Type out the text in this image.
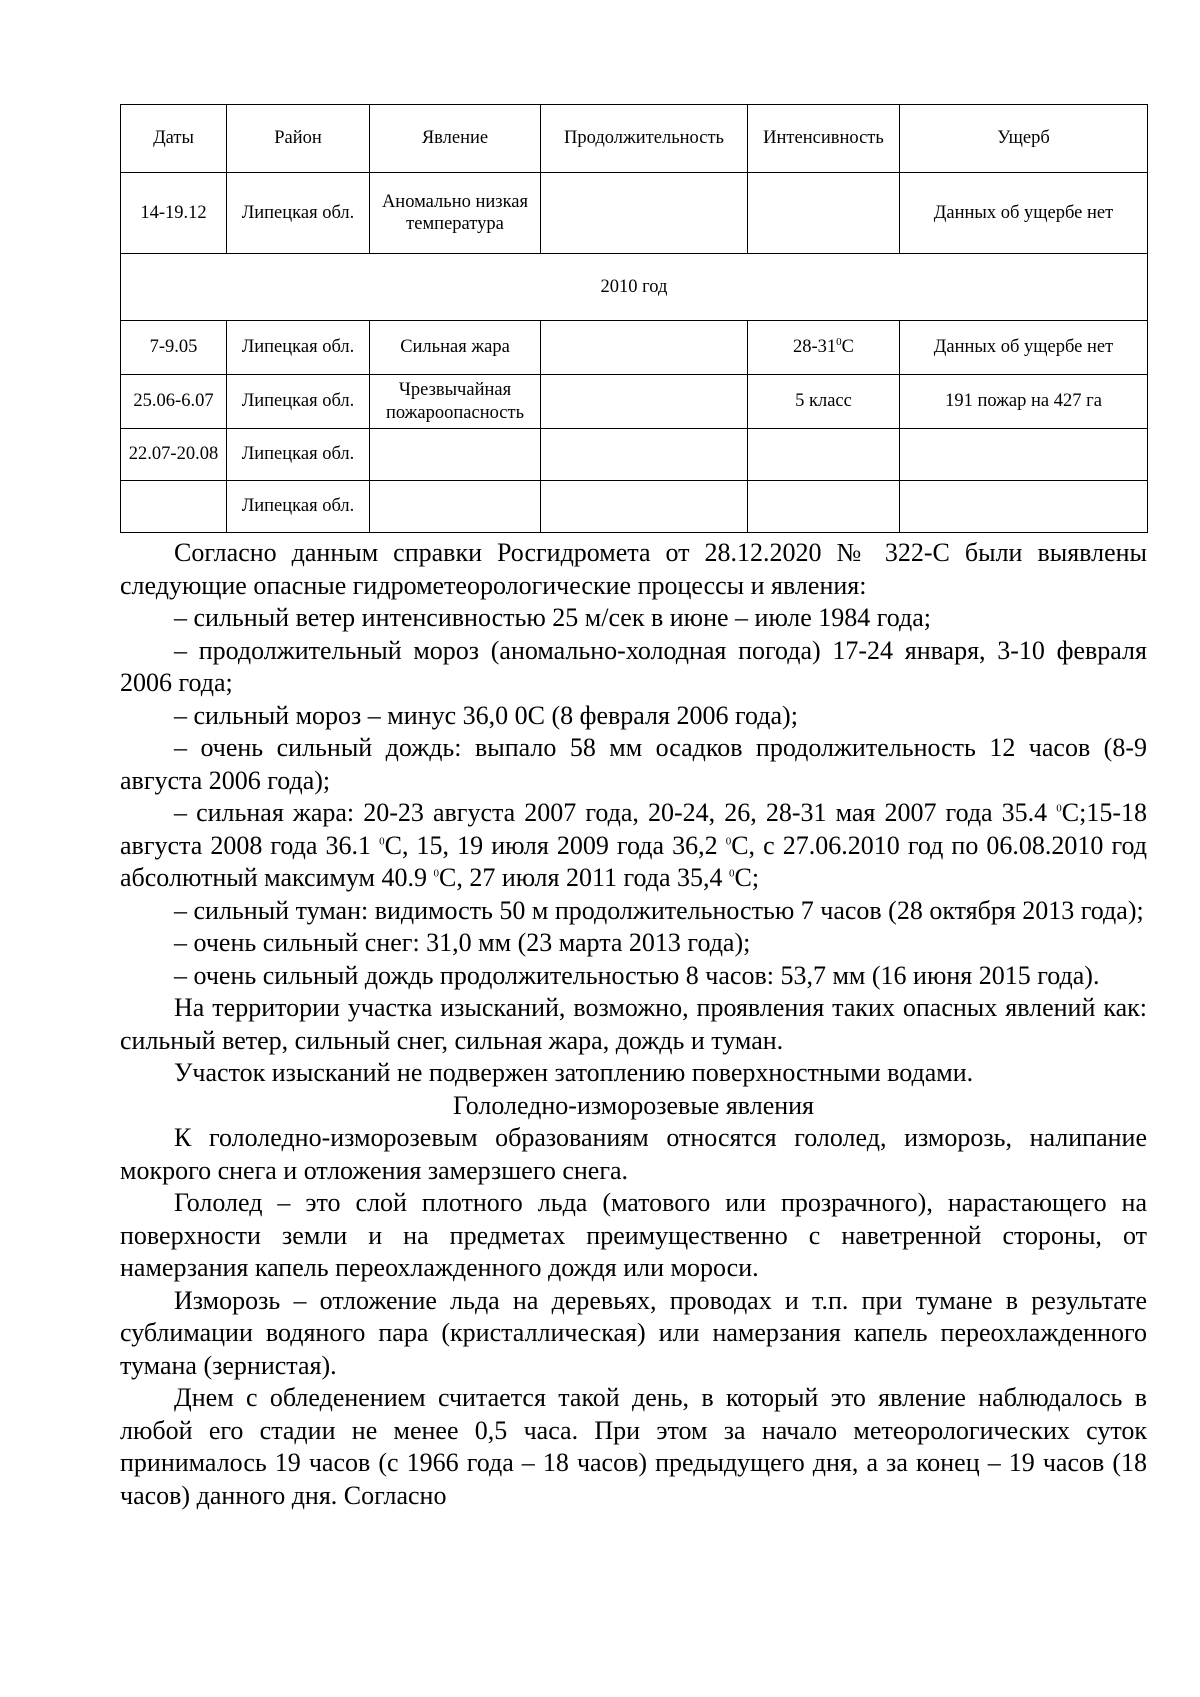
Даты	Район	Явление	Продолжительность	Интенсивность	Ущерб
14-19.12	Липецкая обл.	Аномально низкая температура			Данных об ущербе нет
2010 год					
7-9.05	Липецкая обл.	Сильная жара		$28-31^0С$	Данных об ущербе нет
25.06-6.07	Липецкая обл.	Чрезвычайная пожароопасность		5 класс	191 пожар на 427 га
22.07-20.08	Липецкая обл.				
	Липецкая обл.				

Согласно данным справки Росгидромета от 28.12.2020 № 322-С были выявлены следующие опасные гидрометеорологические процессы и явления:

– сильный ветер интенсивностью 25 м/сек в июне – июле 1984 года;

– продолжительный мороз (аномально-холодная погода) 17-24 января, 3-10 февраля 2006 года;

– сильный мороз – минус 36,0 0С (8 февраля 2006 года);

– очень сильный дождь: выпало 58 мм осадков продолжительность 12 часов (8-9 августа 2006 года);

– сильная жара: 20-23 августа 2007 года, 20-24, 26, 28-31 мая 2007 года 35.4 $^0$С;15-18 августа 2008 года 36.1 $^0$С, 15, 19 июля 2009 года 36,2 $^0$С, с 27.06.2010 год по 06.08.2010 год абсолютный максимум 40.9 $^0$С, 27 июля 2011 года 35,4 $^0$С;

– сильный туман: видимость 50 м продолжительностью 7 часов (28 октября 2013 года);

– очень сильный снег: 31,0 мм (23 марта 2013 года);

– очень сильный дождь продолжительностью 8 часов: 53,7 мм (16 июня 2015 года).

На территории участка изысканий, возможно, проявления таких опасных явлений как: сильный ветер, сильный снег, сильная жара, дождь и туман.

Участок изысканий не подвержен затоплению поверхностными водами.

Гололедно-изморозевые явления

К гололедно-изморозевым образованиям относятся гололед, изморозь, налипание мокрого снега и отложения замерзшего снега.

Гололед – это слой плотного льда (матового или прозрачного), нарастающего на поверхности земли и на предметах преимущественно с наветренной стороны, от намерзания капель переохлажденного дождя или мороси.

Изморозь – отложение льда на деревьях, проводах и т.п. при тумане в результате сублимации водяного пара (кристаллическая) или намерзания капель переохлажденного тумана (зернистая).

Днем с обледенением считается такой день, в который это явление наблюдалось в любой его стадии не менее 0,5 часа. При этом за начало метеорологических суток принималось 19 часов (с 1966 года – 18 часов) предыдущего дня, а за конец – 19 часов (18 часов) данного дня. Согласно
